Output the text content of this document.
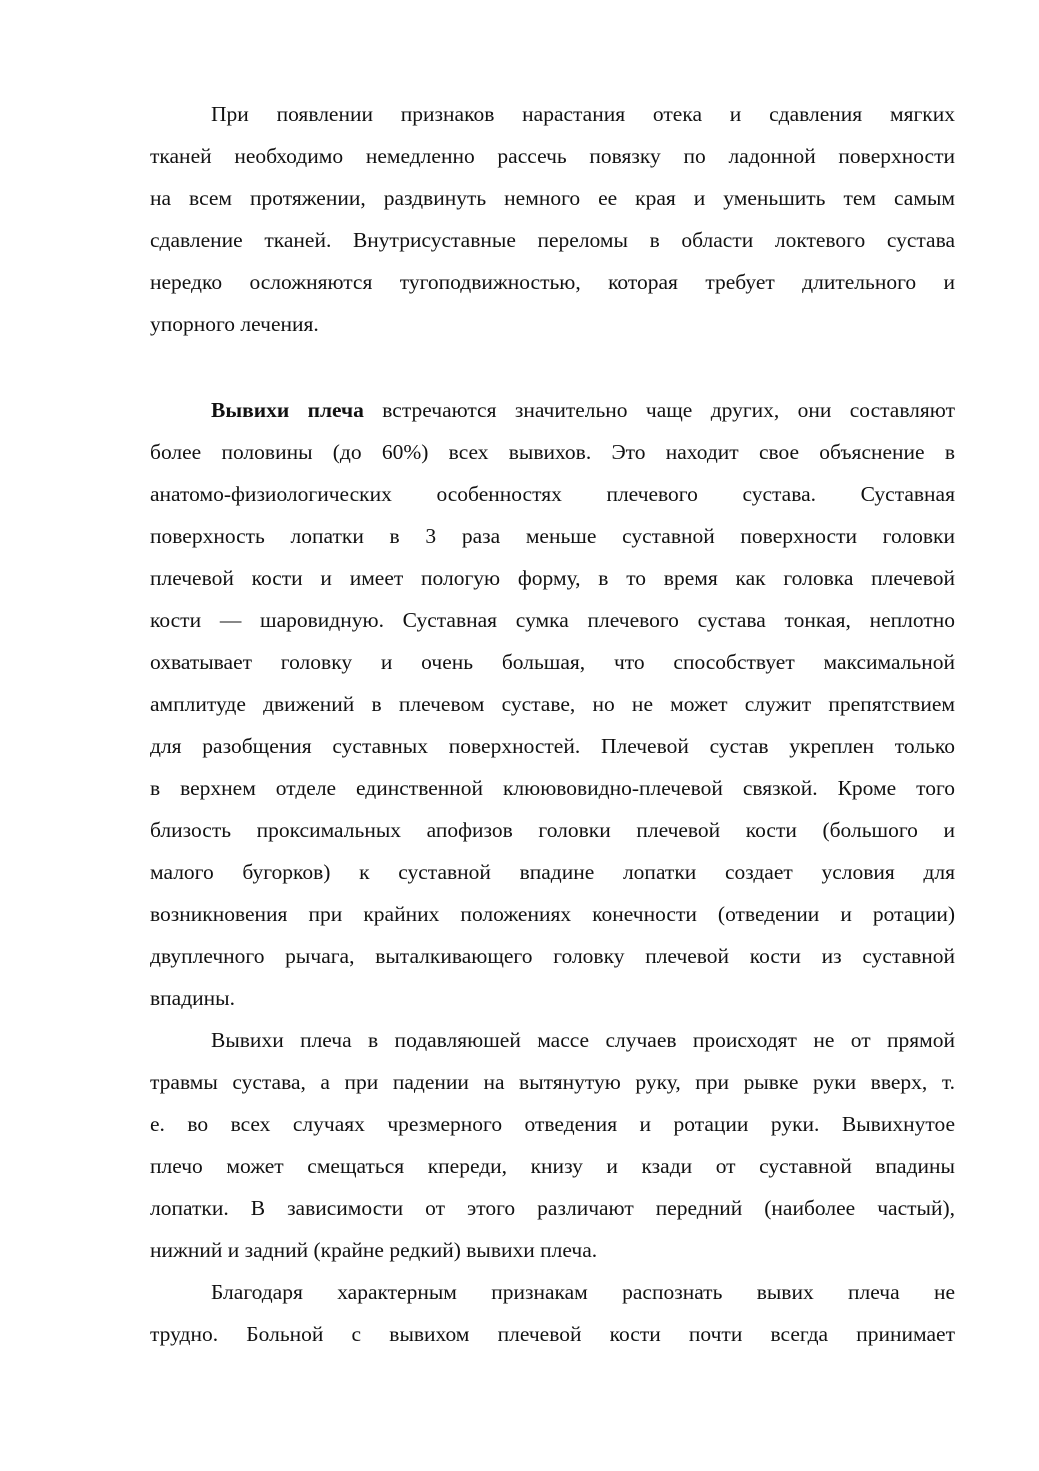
При появлении признаков нарастания отека и сдавления мягких
тканей необходимо немедленно рассечь повязку по ладонной поверхности
на всем протяжении, раздвинуть немного ее края и уменьшить тем самым
сдавление тканей. Внутрисуставные переломы в области локтевого сустава
нередко осложняются тугоподвижностью, которая требует длительного и
упорного лечения.
Вывихи плеча встречаются значительно чаще других, они составляют
более половины (до 60%) всех вывихов. Это находит свое объяснение в
анатомо-физиологических особенностях плечевого сустава. Суставная
поверхность лопатки в 3 раза меньше суставной поверхности головки
плечевой кости и имеет пологую форму, в то время как головка плечевой
кости — шаровидную. Суставная сумка плечевого сустава тонкая, неплотно
охватывает головку и очень большая, что способствует максимальной
амплитуде движений в плечевом суставе, но не может служит препятствием
для разобщения суставных поверхностей. Плечевой сустав укреплен только
в верхнем отделе единственной клюювовидно-плечевой связкой. Кроме того
близость проксимальных апофизов головки плечевой кости (большого и
малого бугорков) к суставной впадине лопатки создает условия для
возникновения при крайних положениях конечности (отведении и ротации)
двуплечного рычага, выталкивающего головку плечевой кости из суставной
впадины.
Вывихи плеча в подавляюшей массе случаев происходят не от прямой
травмы сустава, а при падении на вытянутую руку, при рывке руки вверх, т.
е. во всех случаях чрезмерного отведения и ротации руки. Вывихнутое
плечо может смещаться кпереди, книзу и кзади от суставной впадины
лопатки. В зависимости от этого различают передний (наиболее частый),
нижний и задний (крайне редкий) вывихи плеча.
Благодаря характерным признакам распознать вывих плеча не
трудно. Больной с вывихом плечевой кости почти всегда принимает
